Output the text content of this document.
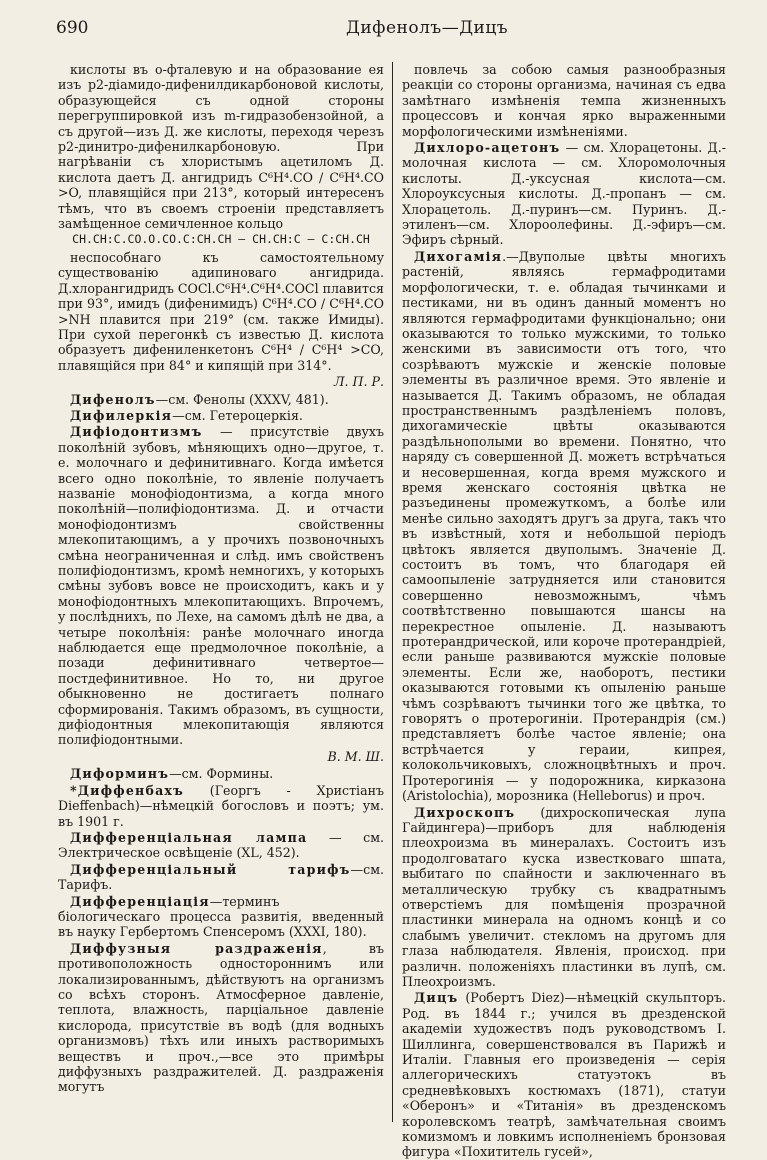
690	Дифенолъ—Дицъ

кислоты въ о-фталевую и на образование ея изъ p2-діамидо-дифенилдикарбоновой кислоты, образующейся съ одной стороны перегруппировкой изъ m-гидразобензойной, а съ другой—изъ Д. же кислоты, переходя черезъ p2-динитро-дифенилкарбоновую. При нагрѣваніи съ хлористымъ ацетиломъ Д. кислота даетъ Д. ангидридъ C⁶H⁴.CO / C⁶H⁴.CO >O, плавящійся при 213°, который интересенъ тѣмъ, что въ своемъ строеніи представляетъ замѣщенное семичленное кольцо

CH.CH:C.CO.O.CO.C:CH.CH — CH.CH:C — C:CH.CH

неспособнаго къ самостоятельному существованію адипиноваго ангидрида. Д.хлорангидридъ COCl.C⁶H⁴.C⁶H⁴.COCl плавится при 93°, имидъ (дифенимидъ) C⁶H⁴.CO / C⁶H⁴.CO >NH плавится при 219° (см. также Имиды). При сухой перегонкѣ съ известью Д. кислота образуетъ дифениленкетонъ C⁶H⁴ / C⁶H⁴ >CO, плавящійся при 84° и кипящій при 314°.

Л. П. Р.

Дифенолъ—см. Фенолы (XXXV, 481).

Дифилеркія—см. Гетероцеркія.

Дифіодонтизмъ — присутствіе двухъ поколѣній зубовъ, мѣняющихъ одно—другое, т. е. молочнаго и дефинитивнаго. Когда имѣется всего одно поколѣніе, то явленіе получаетъ названіе монофіодонтизма, а когда много поколѣній—полифіодонтизма. Д. и отчасти монофіодонтизмъ свойственны млекопитающимъ, а у прочихъ позвоночныхъ смѣна неограниченная и слѣд. имъ свойственъ полифіодонтизмъ, кромѣ немногихъ, у которыхъ смѣны зубовъ вовсе не происходитъ, какъ и у монофіодонтныхъ млекопитающихъ. Впрочемъ, у послѣднихъ, по Лехе, на самомъ дѣлѣ не два, а четыре поколѣнія: ранѣе молочнаго иногда наблюдается еще предмолочное поколѣніе, а позади дефинитивнаго четвертое—постдефинитивное. Но то, ни другое обыкновенно не достигаетъ полнаго сформированія. Такимъ образомъ, въ сущности, дифіодонтныя млекопитающія являются полифіодонтными.

В. М. Ш.

Диформинъ—см. Формины.

*Диффенбахъ (Георгъ - Христіанъ Dieffenbach)—нѣмецкій богословъ и поэтъ; ум. въ 1901 г.

Дифференціальная лампа — см. Электрическое освѣщеніе (XL, 452).

Дифференціальный тарифъ—см. Тарифъ.

Дифференціація—терминъ біологическаго процесса развитія, введенный въ науку Гербертомъ Спенсеромъ (XXXI, 180).

Диффузныя раздраженія, въ противоположность одностороннимъ или локализированнымъ, дѣйствуютъ на организмъ со всѣхъ сторонъ. Атмосферное давленіе, теплота, влажность, парціальное давленіе кислорода, присутствіе въ водѣ (для водныхъ организмовъ) тѣхъ или иныхъ растворимыхъ веществъ и проч.,—все это примѣры диффузныхъ раздражителей. Д. раздраженія могутъ

повлечь за собою самыя разнообразныя реакціи со стороны организма, начиная съ едва замѣтнаго измѣненія темпа жизненныхъ процессовъ и кончая ярко выраженными морфологическими измѣненіями.

Дихлоро-ацетонъ — см. Хлорацетоны. Д.-молочная кислота — см. Хлоромолочныя кислоты. Д.-уксусная кислота—см. Хлороуксусныя кислоты. Д.-пропанъ — см. Хлорацетоль. Д.-пуринъ—см. Пуринъ. Д.-этиленъ—см. Хлороолефины. Д.-эфиръ—см. Эфиръ сѣрный.

Дихогамія.—Двуполые цвѣты многихъ растеній, являясь гермафродитами морфологически, т. е. обладая тычинками и пестиками, ни въ одинъ данный моментъ но являются гермафродитами функціонально; они оказываются то только мужскими, то только женскими въ зависимости отъ того, что созрѣваютъ мужскіе и женскіе половые элементы въ различное время. Это явленіе и называется Д. Такимъ образомъ, не обладая пространственнымъ раздѣленіемъ половъ, дихогамическіе цвѣты оказываются раздѣльнополыми во времени. Понятно, что наряду съ совершенной Д. можетъ встрѣчаться и несовершенная, когда время мужского и время женскаго состоянія цвѣтка не разъединены промежуткомъ, а болѣе или менѣе сильно заходятъ другъ за друга, такъ что въ извѣстный, хотя и небольшой періодъ цвѣтокъ является двуполымъ. Значеніе Д. состоитъ въ томъ, что благодаря ей самоопыленіе затрудняется или становится совершенно невозможнымъ, чѣмъ соотвѣтственно повышаются шансы на перекрестное опыленіе. Д. называютъ протерандрической, или короче протерандріей, если раньше развиваются мужскіе половые элементы. Если же, наоборотъ, пестики оказываются готовыми къ опыленію раньше чѣмъ созрѣваютъ тычинки того же цвѣтка, то говорятъ о протерогиніи. Протерандрія (см.) представляетъ болѣе частое явленіе; она встрѣчается у гераии, кипрея, колокольчиковыхъ, сложноцвѣтныхъ и проч. Протерогинія — у подорожника, кирказона (Aristolochia), морозника (Helleborus) и проч.

Дихроскопъ (дихроскопическая лупа Гайдингера)—приборъ для наблюденія плеохроизма въ минералахъ. Состоитъ изъ продолговатаго куска известковаго шпата, выбитаго по спайности и заключеннаго въ металлическую трубку съ квадратнымъ отверстіемъ для помѣщенія прозрачной пластинки минерала на одномъ концѣ и со слабымъ увеличит. стекломъ на другомъ для глаза наблюдателя. Явленія, происход. при различн. положеніяхъ пластинки въ лупѣ, см. Плеохроизмъ.

Дицъ (Робертъ Diez)—нѣмецкій скульпторъ. Род. въ 1844 г.; учился въ дрезденской академіи художествъ подъ руководствомъ I. Шиллинга, совершенствовался въ Парижѣ и Италіи. Главныя его произведенія — серія аллегорическихъ статуэтокъ въ средневѣковыхъ костюмахъ (1871), статуи «Оберонъ» и «Титанія» въ дрезденскомъ королевскомъ театрѣ, замѣчательная своимъ комизмомъ и ловкимъ исполненіемъ бронзовая фигура «Похититель гусей»,
